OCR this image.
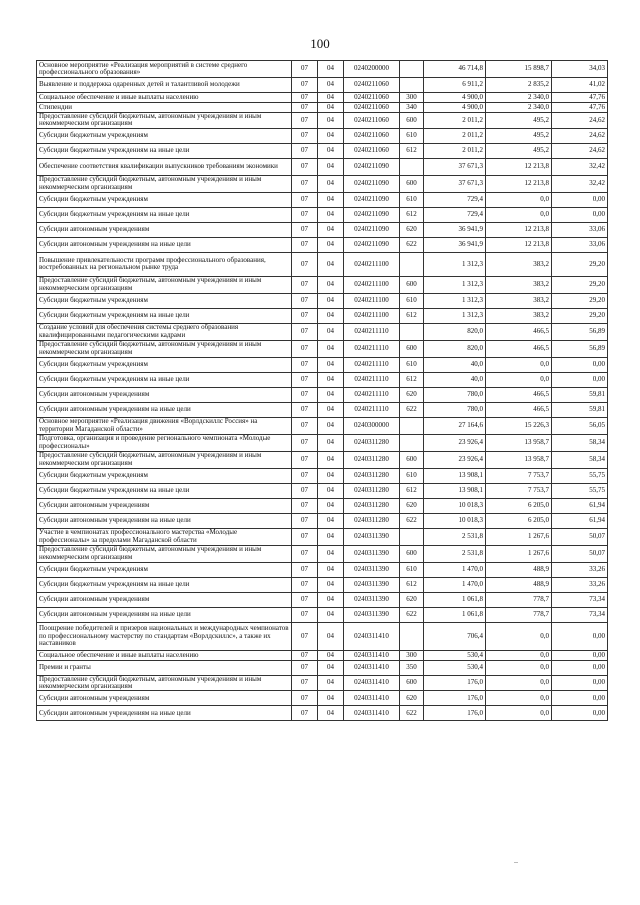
100
Основное мероприятие «Реализация мероприятий в системе среднего профессионального образования»	07	04	0240200000		46 714,8	15 898,7	34,03
Выявление и поддержка одаренных детей и талантливой молодежи	07	04	0240211060		6 911,2	2 835,2	41,02
Социальное обеспечение и иные выплаты населению	07	04	0240211060	300	4 900,0	2 340,0	47,76
Стипендии	07	04	0240211060	340	4 900,0	2 340,0	47,76
Предоставление субсидий бюджетным, автономным учреждениям и иным некоммерческим организациям	07	04	0240211060	600	2 011,2	495,2	24,62
Субсидии бюджетным учреждениям	07	04	0240211060	610	2 011,2	495,2	24,62
Субсидии бюджетным учреждениям на иные цели	07	04	0240211060	612	2 011,2	495,2	24,62
Обеспечение соответствия квалификации выпускников требованиям экономики	07	04	0240211090		37 671,3	12 213,8	32,42
Предоставление субсидий бюджетным, автономным учреждениям и иным некоммерческим организациям	07	04	0240211090	600	37 671,3	12 213,8	32,42
Субсидии бюджетным учреждениям	07	04	0240211090	610	729,4	0,0	0,00
Субсидии бюджетным учреждениям на иные цели	07	04	0240211090	612	729,4	0,0	0,00
Субсидии автономным учреждениям	07	04	0240211090	620	36 941,9	12 213,8	33,06
Субсидии автономным учреждениям на иные цели	07	04	0240211090	622	36 941,9	12 213,8	33,06
Повышение привлекательности программ профессионального образования, востребованных на региональном рынке труда	07	04	0240211100		1 312,3	383,2	29,20
Предоставление субсидий бюджетным, автономным учреждениям и иным некоммерческим организациям	07	04	0240211100	600	1 312,3	383,2	29,20
Субсидии бюджетным учреждениям	07	04	0240211100	610	1 312,3	383,2	29,20
Субсидии бюджетным учреждениям на иные цели	07	04	0240211100	612	1 312,3	383,2	29,20
Создание условий для обеспечения системы среднего образования квалифицированными педагогическими кадрами	07	04	0240211110		820,0	466,5	56,89
Предоставление субсидий бюджетным, автономным учреждениям и иным некоммерческим организациям	07	04	0240211110	600	820,0	466,5	56,89
Субсидии бюджетным учреждениям	07	04	0240211110	610	40,0	0,0	0,00
Субсидии бюджетным учреждениям на иные цели	07	04	0240211110	612	40,0	0,0	0,00
Субсидии автономным учреждениям	07	04	0240211110	620	780,0	466,5	59,81
Субсидии автономным учреждениям на иные цели	07	04	0240211110	622	780,0	466,5	59,81
Основное мероприятие «Реализация движения «Ворлдскиллс Россия» на территории Магаданской области»	07	04	0240300000		27 164,6	15 226,3	56,05
Подготовка, организация и проведение регионального чемпионата «Молодые профессионалы»	07	04	0240311280		23 926,4	13 958,7	58,34
Предоставление субсидий бюджетным, автономным учреждениям и иным некоммерческим организациям	07	04	0240311280	600	23 926,4	13 958,7	58,34
Субсидии бюджетным учреждениям	07	04	0240311280	610	13 908,1	7 753,7	55,75
Субсидии бюджетным учреждениям на иные цели	07	04	0240311280	612	13 908,1	7 753,7	55,75
Субсидии автономным учреждениям	07	04	0240311280	620	10 018,3	6 205,0	61,94
Субсидии автономным учреждениям на иные цели	07	04	0240311280	622	10 018,3	6 205,0	61,94
Участие в чемпионатах профессионального мастерства «Молодые профессионалы» за пределами Магаданской области	07	04	0240311390		2 531,8	1 267,6	50,07
Предоставление субсидий бюджетным, автономным учреждениям и иным некоммерческим организациям	07	04	0240311390	600	2 531,8	1 267,6	50,07
Субсидии бюджетным учреждениям	07	04	0240311390	610	1 470,0	488,9	33,26
Субсидии бюджетным учреждениям на иные цели	07	04	0240311390	612	1 470,0	488,9	33,26
Субсидии автономным учреждениям	07	04	0240311390	620	1 061,8	778,7	73,34
Субсидии автономным учреждениям на иные цели	07	04	0240311390	622	1 061,8	778,7	73,34
Поощрение победителей и призеров национальных и международных чемпионатов по профессиональному мастерству по стандартам «Ворлдскиллс», а также их наставников	07	04	0240311410		706,4	0,0	0,00
Социальное обеспечение и иные выплаты населению	07	04	0240311410	300	530,4	0,0	0,00
Премии и гранты	07	04	0240311410	350	530,4	0,0	0,00
Предоставление субсидий бюджетным, автономным учреждениям и иным некоммерческим организациям	07	04	0240311410	600	176,0	0,0	0,00
Субсидии автономным учреждениям	07	04	0240311410	620	176,0	0,0	0,00
Субсидии автономным учреждениям на иные цели	07	04	0240311410	622	176,0	0,0	0,00
